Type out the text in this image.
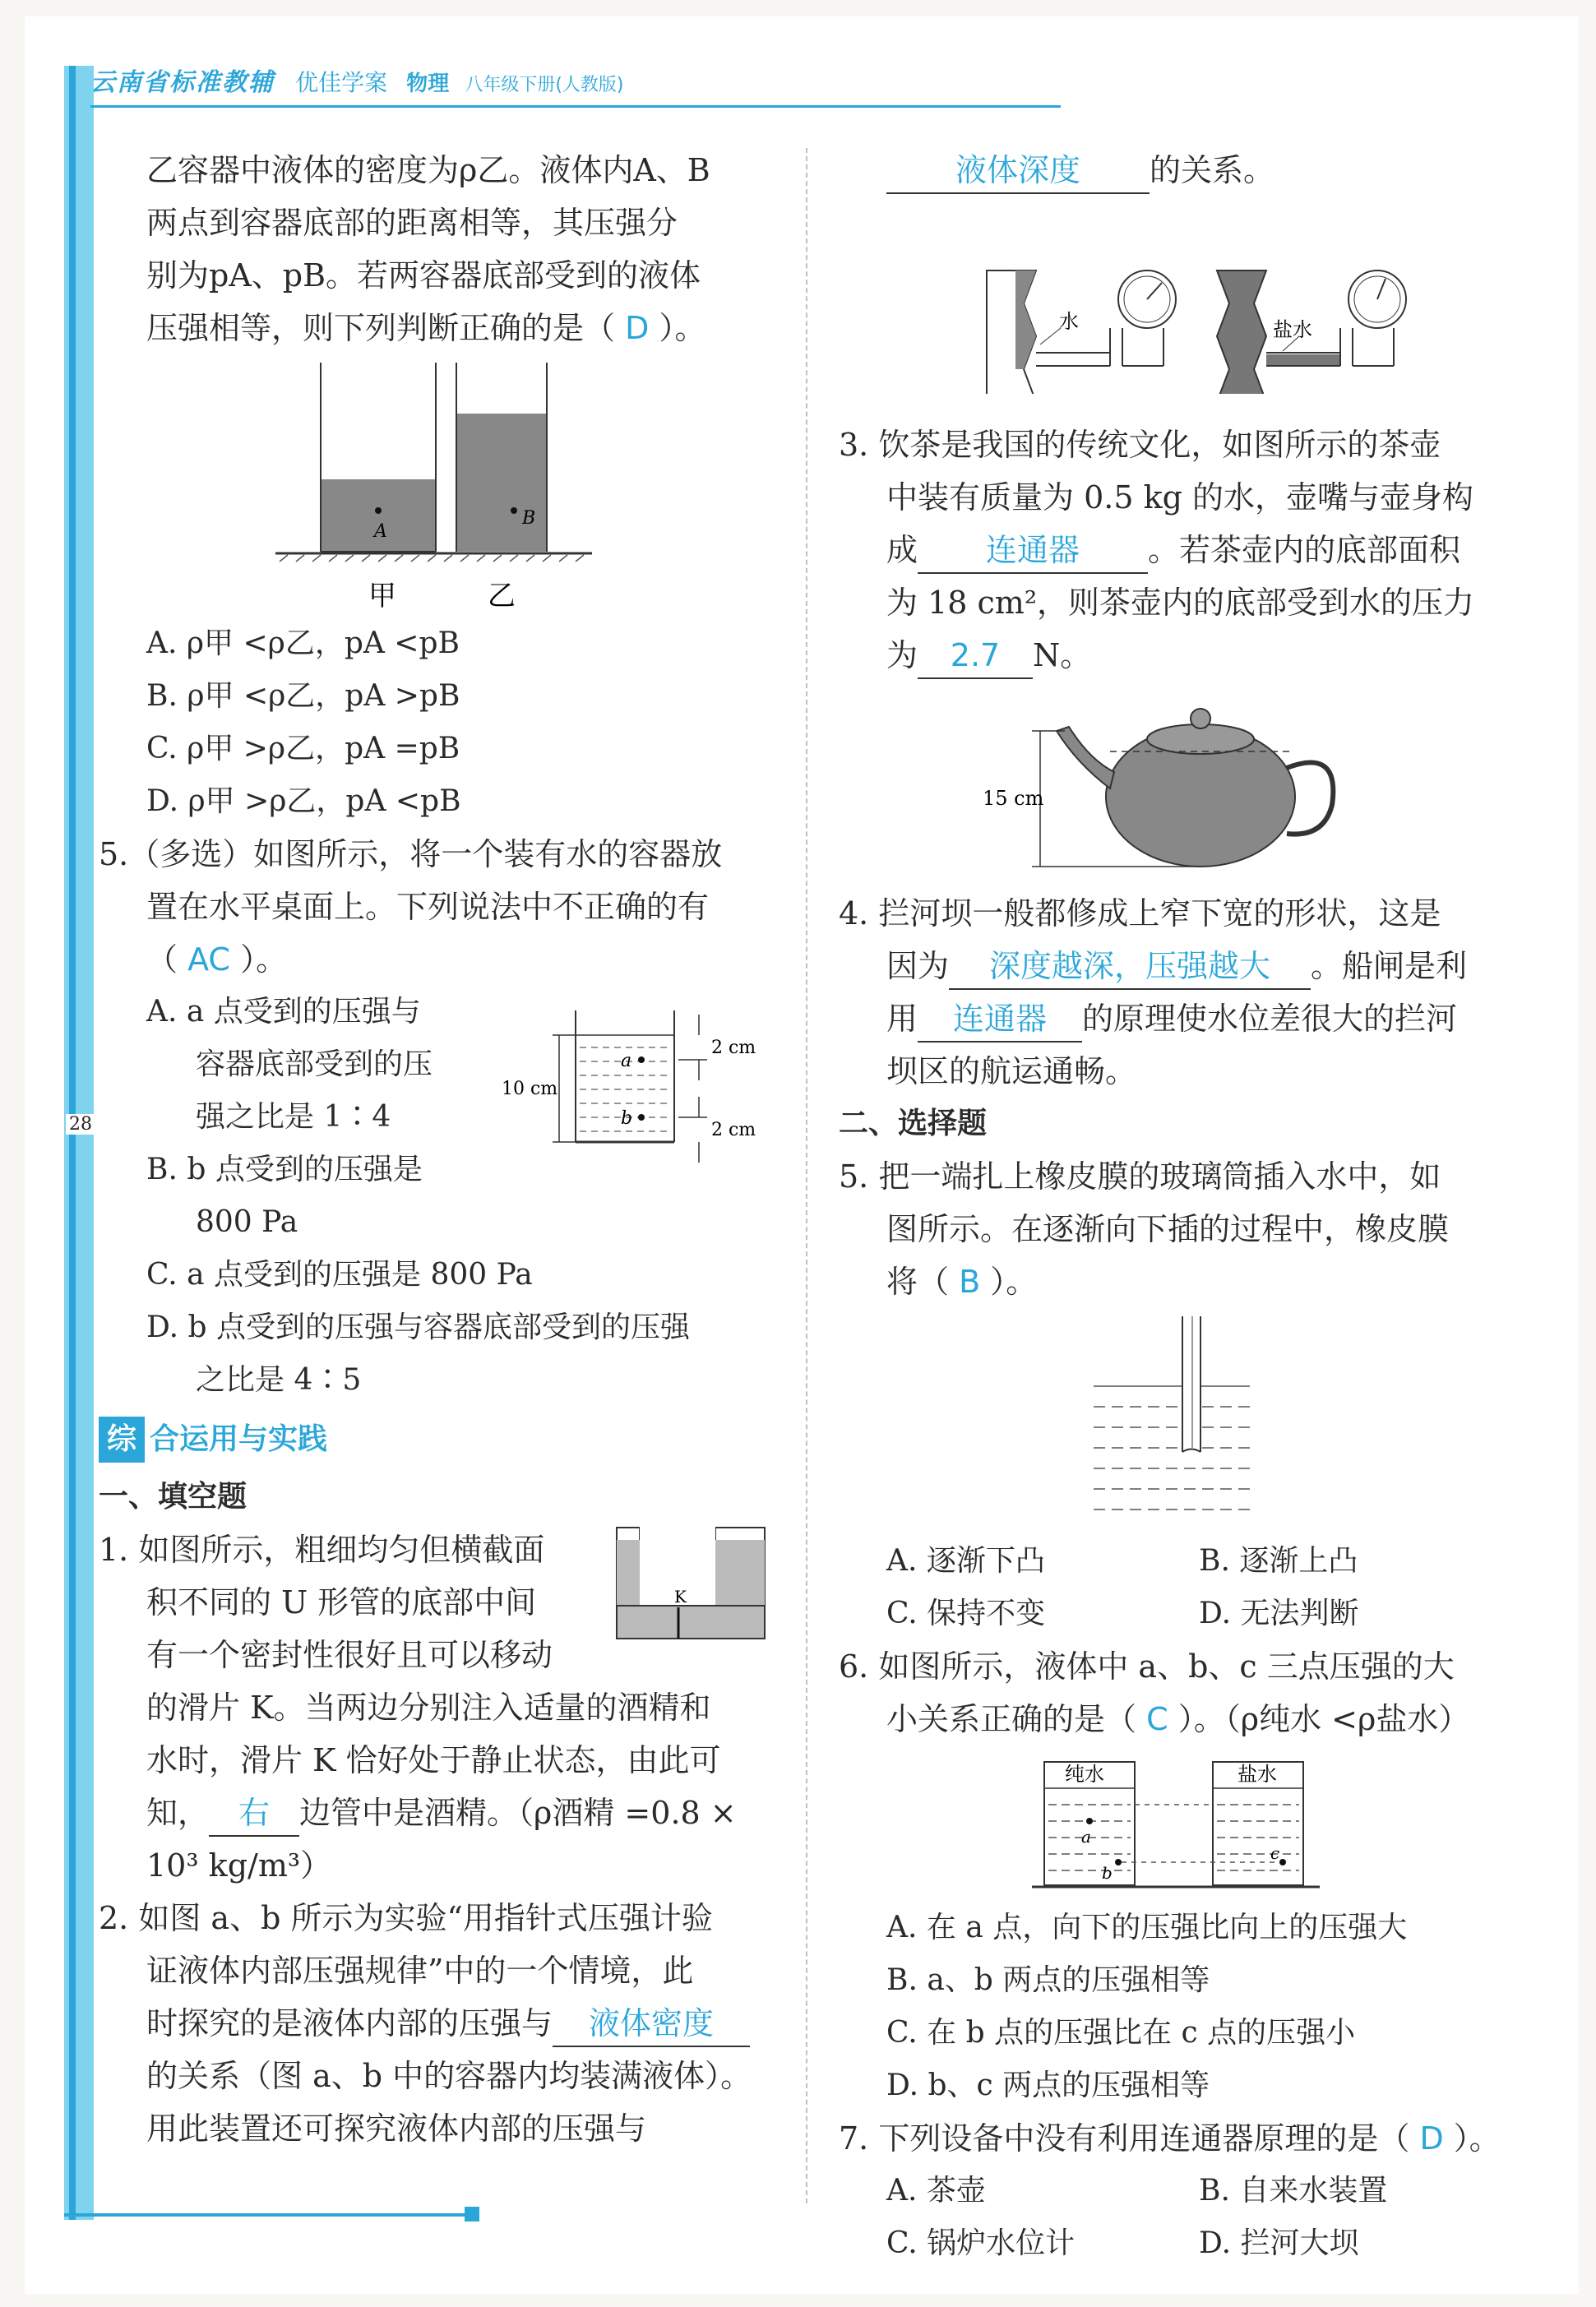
28
云南省标准教辅 优佳学案 物理 八年级下册(人教版)
乙容器中液体的密度为ρ乙。液体内A、B
两点到容器底部的距离相等，其压强分
别为pA、pB。若两容器底部受到的液体
压强相等，则下列判断正确的是（ D ）。
A
B
甲	乙
A. ρ甲 <ρ乙，pA <pB
B. ρ甲 <ρ乙，pA >pB
C. ρ甲 >ρ乙，pA =pB
D. ρ甲 >ρ乙，pA <pB
5.（多选）如图所示，将一个装有水的容器放
置在水平桌面上。下列说法中不正确的有
（ AC ）。
A. a 点受到的压强与
容器底部受到的压
强之比是 1∶4
B. b 点受到的压强是
800 Pa
a
b
10 cm
2 cm
2 cm
C. a 点受到的压强是 800 Pa
D. b 点受到的压强与容器底部受到的压强
之比是 4∶5
综 合运用与实践
一、填空题
1. 如图所示，粗细均匀但横截面
积不同的 U 形管的底部中间
有一个密封性很好且可以移动
K
的滑片 K。当两边分别注入适量的酒精和
水时，滑片 K 恰好处于静止状态，由此可
知， 右 边管中是酒精。（ρ酒精 =0.8 ×
10³ kg/m³）
2. 如图 a、b 所示为实验“用指针式压强计验
证液体内部压强规律”中的一个情境，此
时探究的是液体内部的压强与 液体密度
的关系（图 a、b 中的容器内均装满液体）。
用此装置还可探究液体内部的压强与
液体深度 的关系。
水	盐水
3. 饮茶是我国的传统文化，如图所示的茶壶
中装有质量为 0.5 kg 的水，壶嘴与壶身构
成 连通器 。若茶壶内的底部面积
为 18 cm²，则茶壶内的底部受到水的压力
为 2.7 N。
15 cm
4. 拦河坝一般都修成上窄下宽的形状，这是
因为 深度越深，压强越大 。船闸是利
用 连通器 的原理使水位差很大的拦河
坝区的航运通畅。
二、选择题
5. 把一端扎上橡皮膜的玻璃筒插入水中，如
图所示。在逐渐向下插的过程中，橡皮膜
将（ B ）。
A. 逐渐下凸	B. 逐渐上凸
C. 保持不变	D. 无法判断
6. 如图所示，液体中 a、b、c 三点压强的大
小关系正确的是（ C ）。（ρ纯水 <ρ盐水）
纯水
a
b
盐水
c
A. 在 a 点，向下的压强比向上的压强大
B. a、b 两点的压强相等
C. 在 b 点的压强比在 c 点的压强小
D. b、c 两点的压强相等
7. 下列设备中没有利用连通器原理的是（ D ）。
A. 茶壶	B. 自来水装置
C. 锅炉水位计	D. 拦河大坝
